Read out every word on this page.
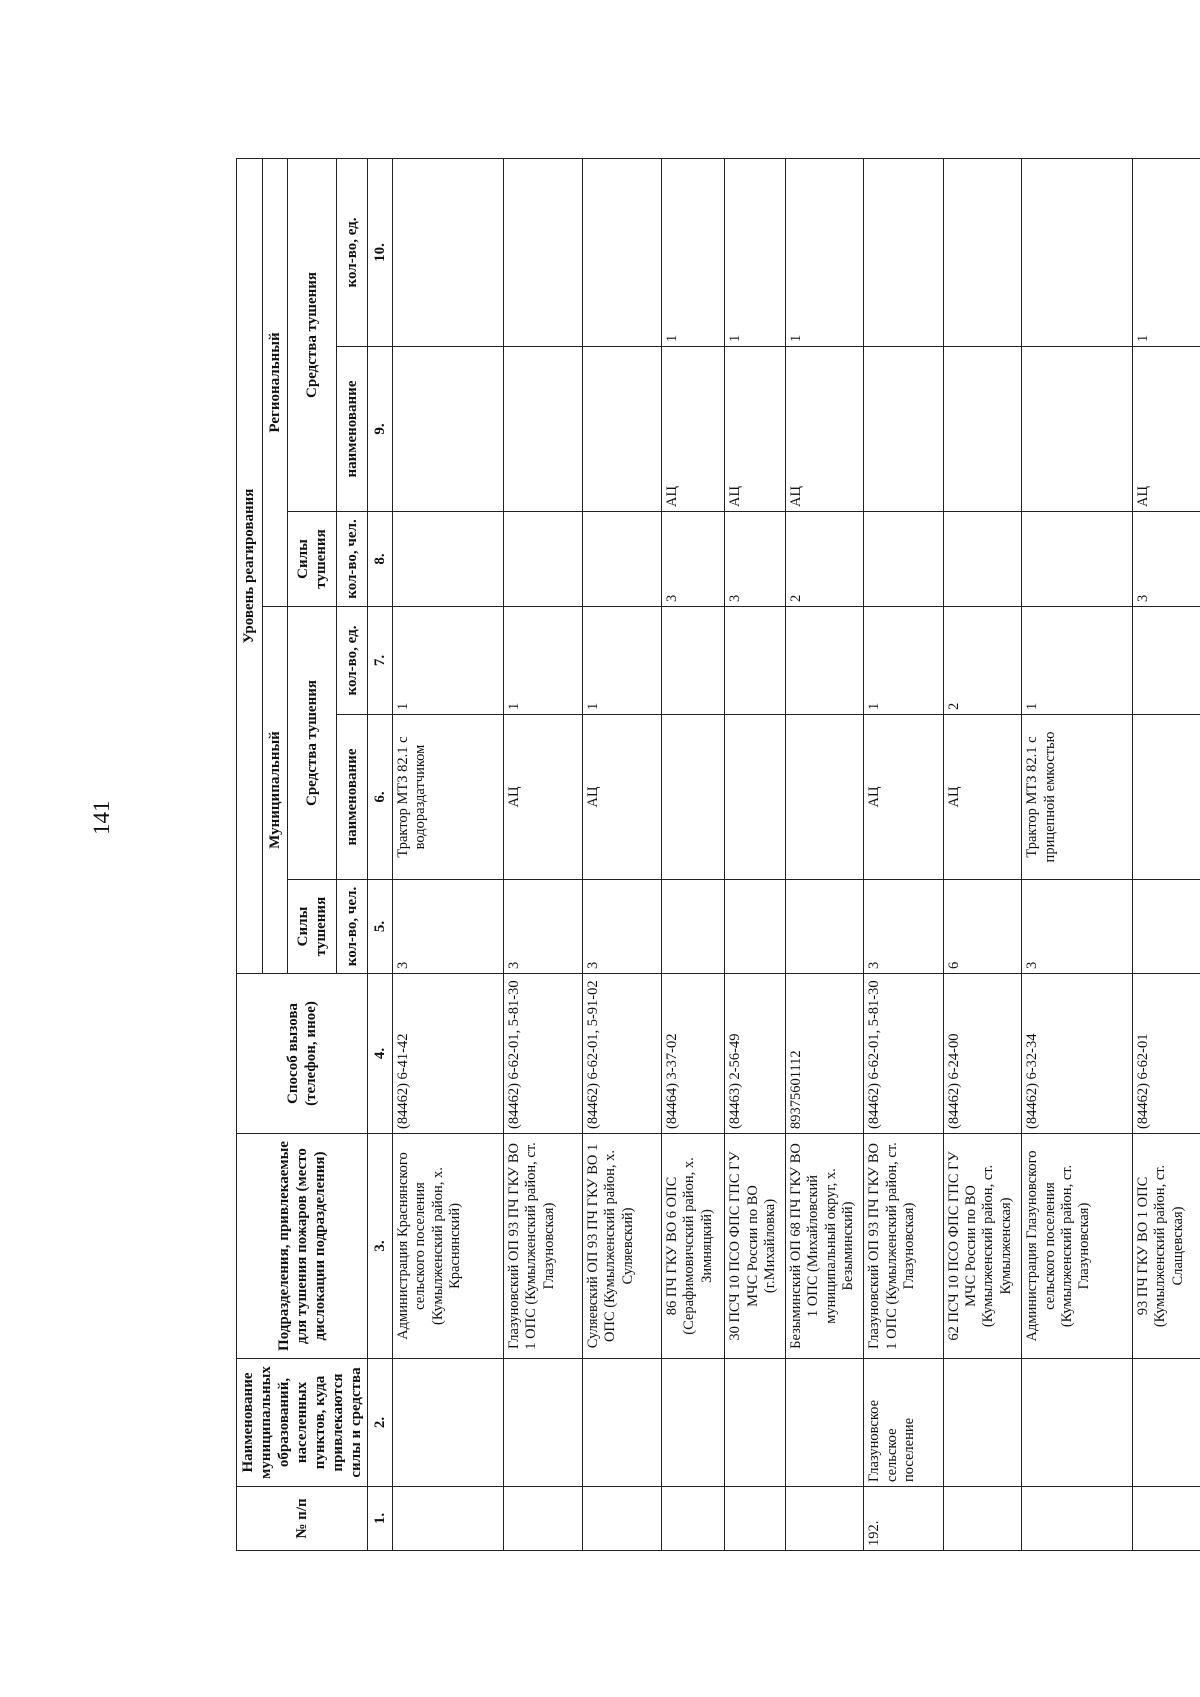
141
№ п/п	Наименование муниципальных образований, населенных пунктов, куда привлекаются силы и средства	Подразделения, привлекаемые для тушения пожаров (место дислокации подразделения)	Способ вызова (телефон, иное)	Уровень реагирования					
				Муниципальный			Региональный		
				Силы тушения	Средства тушения		Силы тушения	Средства тушения	
				кол-во, чел.	наименование	кол-во, ед.	кол-во, чел.	наименование	кол-во, ед.
1.	2.	3.	4.	5.	6.	7.	8.	9.	10.
		Администрация Краснянского сельского поселения (Кумылженский район, х. Краснянский)	(84462) 6-41-42	3	Трактор МТЗ 82.1 с водораздатчиком	1			
		Глазуновский ОП 93 ПЧ ГКУ ВО 1 ОПС (Кумылженский район, ст. Глазуновская)	(84462) 6-62-01, 5-81-30	3	АЦ	1			
		Суляевский ОП 93 ПЧ ГКУ ВО 1 ОПС (Кумылженский район, х. Суляевский)	(84462) 6-62-01, 5-91-02	3	АЦ	1			
		86 ПЧ ГКУ ВО 6 ОПС (Серафимовичский район, х. Зимняцкий)	(84464) 3-37-02				3	АЦ	1
		30 ПСЧ 10 ПСО ФПС ГПС ГУ МЧС России по ВО (г.Михайловка)	(84463) 2-56-49				3	АЦ	1
		Безыминский ОП 68 ПЧ ГКУ ВО 1 ОПС (Михайловский муниципальный округ, х. Безыминский)	89375601112				2	АЦ	1
192.	Глазуновское сельское поселение	Глазуновский ОП 93 ПЧ ГКУ ВО 1 ОПС (Кумылженский район, ст. Глазуновская)	(84462) 6-62-01, 5-81-30	3	АЦ	1			
		62 ПСЧ 10 ПСО ФПС ГПС ГУ МЧС России по ВО (Кумылженский район, ст. Кумылженская)	(84462) 6-24-00	6	АЦ	2			
		Администрация Глазуновского сельского поселения (Кумылженский район, ст. Глазуновская)	(84462) 6-32-34	3	Трактор МТЗ 82.1 с прицепной емкостью	1			
		93 ПЧ ГКУ ВО 1 ОПС (Кумылженский район, ст. Слащевская)	(84462) 6-62-01				3	АЦ	1
